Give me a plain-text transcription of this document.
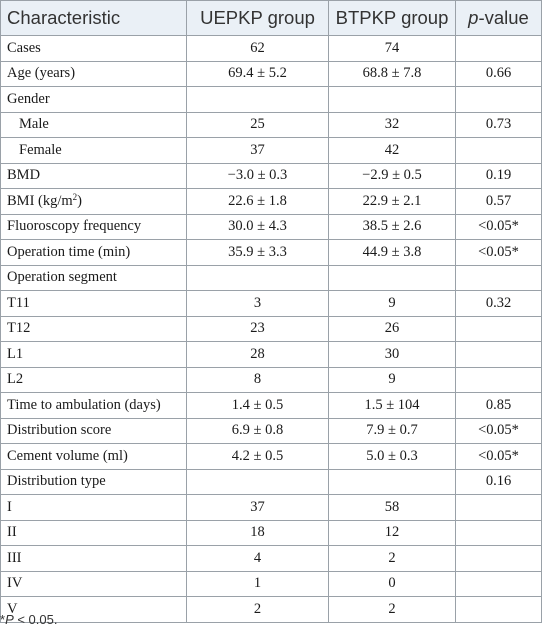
Characteristic	UEPKP group	BTPKP group	p-value
Cases	62	74	
Age (years)	69.4 ± 5.2	68.8 ± 7.8	0.66
Gender			
Male	25	32	0.73
Female	37	42	
BMD	−3.0 ± 0.3	−2.9 ± 0.5	0.19
BMI $(kg/m^2)$	22.6 ± 1.8	22.9 ± 2.1	0.57
Fluoroscopy frequency	30.0 ± 4.3	38.5 ± 2.6	<0.05*
Operation time (min)	35.9 ± 3.3	44.9 ± 3.8	<0.05*
Operation segment			
T11	3	9	0.32
T12	23	26	
L1	28	30	
L2	8	9	
Time to ambulation (days)	1.4 ± 0.5	1.5 ± 104	0.85
Distribution score	6.9 ± 0.8	7.9 ± 0.7	<0.05*
Cement volume (ml)	4.2 ± 0.5	5.0 ± 0.3	<0.05*
Distribution type			0.16
I	37	58	
II	18	12	
III	4	2	
IV	1	0	
V	2	2	
*P < 0.05.
